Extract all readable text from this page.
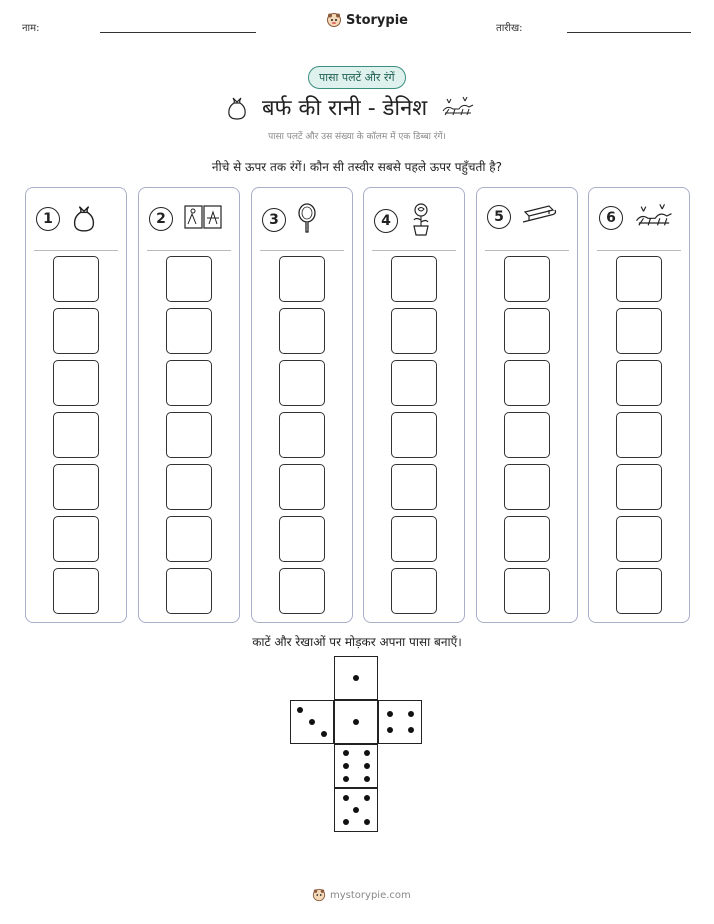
नाम:
Storypie
तारीख:
पासा पलटें और रंगें
बर्फ की रानी - डेनिश
पासा पलटें और उस संख्या के कॉलम में एक डिब्बा रंगें।
नीचे से ऊपर तक रंगें। कौन सी तस्वीर सबसे पहले ऊपर पहुँचती है?
1	2	3	4	5	6
काटें और रेखाओं पर मोड़कर अपना पासा बनाएँ।
mystorypie.com
